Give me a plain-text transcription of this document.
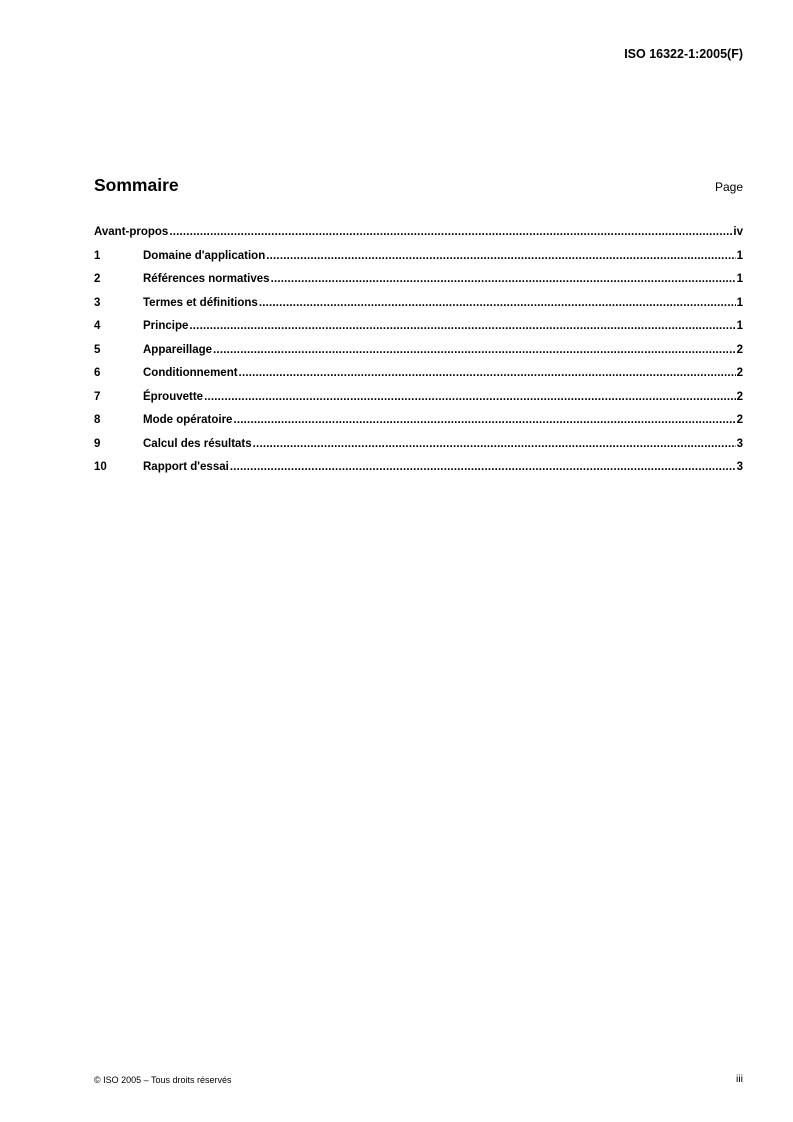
ISO 16322-1:2005(F)
Sommaire	Page
Avant-propos .....	iv
1	Domaine d'application .....	1
2	Références normatives .....	1
3	Termes et définitions .....	1
4	Principe .....	1
5	Appareillage .....	2
6	Conditionnement .....	2
7	Éprouvette .....	2
8	Mode opératoire .....	2
9	Calcul des résultats .....	3
10	Rapport d'essai .....	3
© ISO 2005 – Tous droits réservés	iii
